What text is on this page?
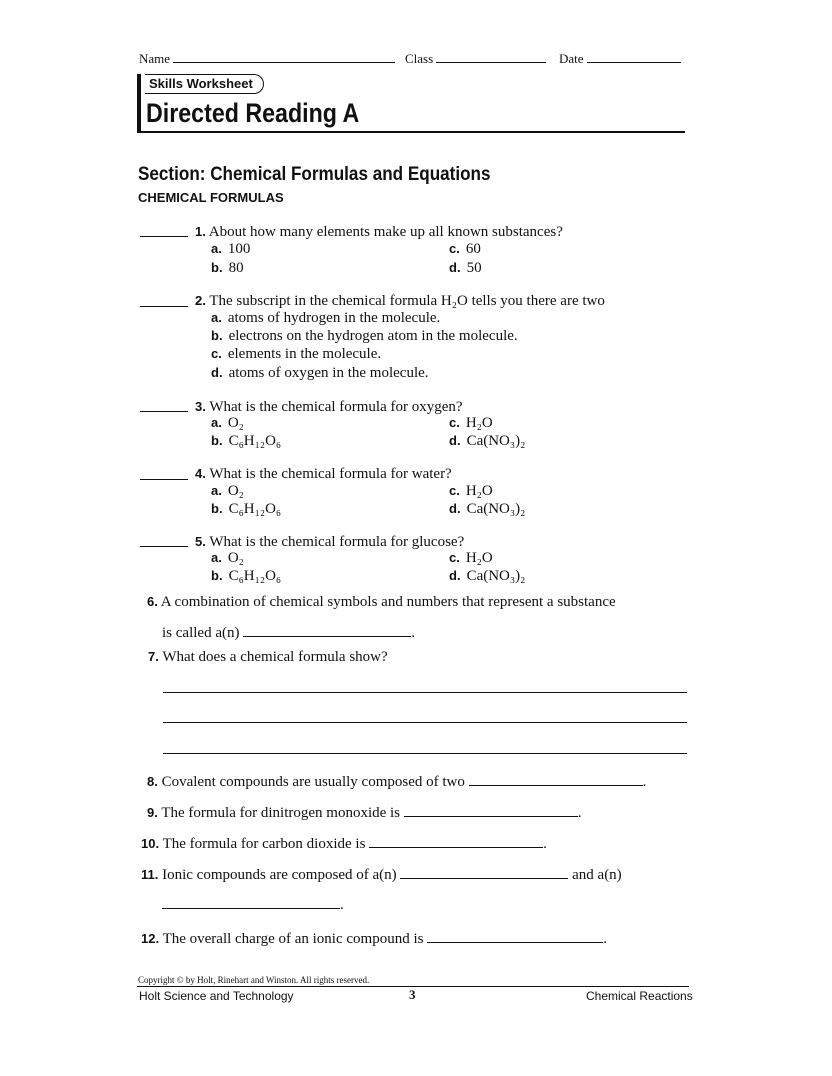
Name	Class	Date
Skills Worksheet
Directed Reading A
Section: Chemical Formulas and Equations
CHEMICAL FORMULAS
1. About how many elements make up all known substances?
a. 100
b. 80
c. 60
d. 50
2. The subscript in the chemical formula H₂O tells you there are two
a. atoms of hydrogen in the molecule.
b. electrons on the hydrogen atom in the molecule.
c. elements in the molecule.
d. atoms of oxygen in the molecule.
3. What is the chemical formula for oxygen?
a. O₂
b. C₆H₁₂O₆
c. H₂O
d. Ca(NO₃)₂
4. What is the chemical formula for water?
a. O₂
b. C₆H₁₂O₆
c. H₂O
d. Ca(NO₃)₂
5. What is the chemical formula for glucose?
a. O₂
b. C₆H₁₂O₆
c. H₂O
d. Ca(NO₃)₂
6. A combination of chemical symbols and numbers that represent a substance
is called a(n)	.
7. What does a chemical formula show?
8. Covalent compounds are usually composed of two	.
9. The formula for dinitrogen monoxide is	.
10. The formula for carbon dioxide is	.
11. Ionic compounds are composed of a(n)	and a(n)
.
12. The overall charge of an ionic compound is	.
Copyright © by Holt, Rinehart and Winston. All rights reserved.
Holt Science and Technology	3	Chemical Reactions
